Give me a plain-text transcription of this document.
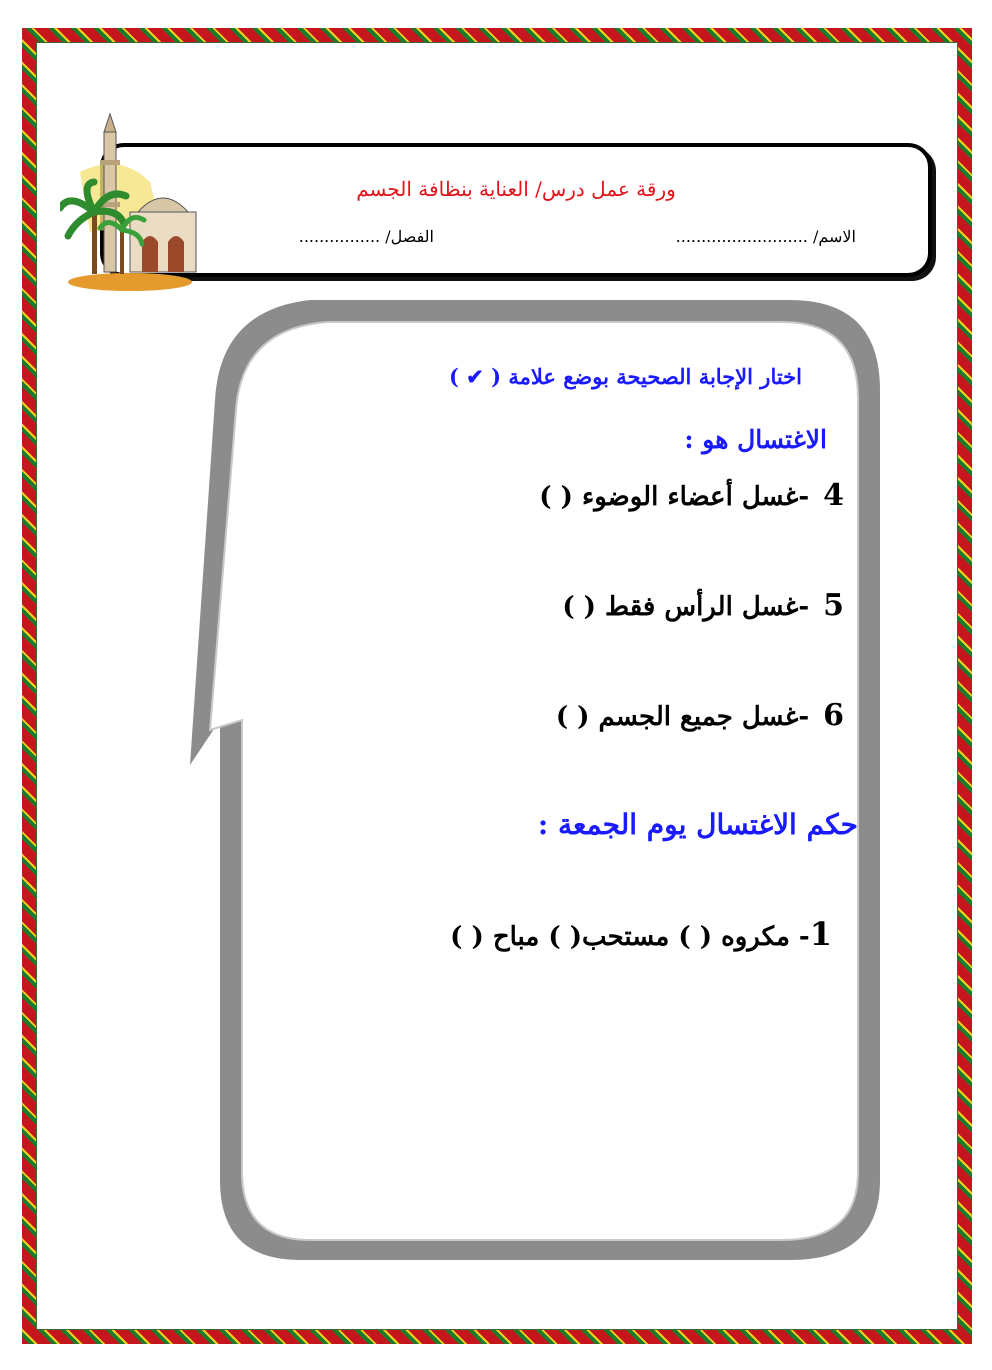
ورقة عمل درس/ العناية بنظافة الجسم
الاسم/ ..........................
الفصل/ ................
اختار الإجابة الصحيحة بوضع علامة ( ✔ )
الاغتسال هو :
4-غسل أعضاء الوضوء ( )
5-غسل الرأس فقط ( )
6-غسل جميع الجسم ( )
حكم الاغتسال يوم الجمعة :
1- مكروه ( ) مستحب( ) مباح ( )
